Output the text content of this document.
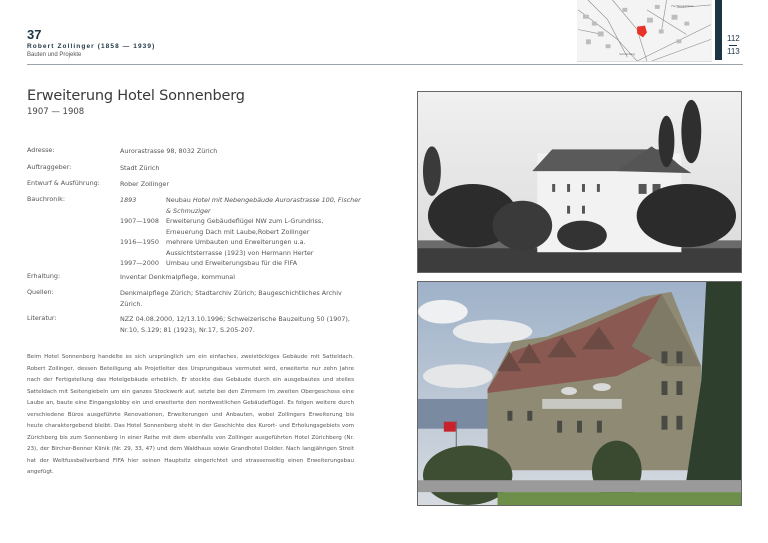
37
Robert Zollinger (1858 — 1939)
Bauten und Projekte
Forchbergstrasse
Sonnenberg
112
113
Erweiterung Hotel Sonnenberg
1907 — 1908
Adresse:	Aurorastrasse 98, 8032 Zürich
Auftraggeber:	Stadt Zürich
Entwurf & Ausführung:	Rober Zollinger
Bauchronik:	1893	Neubau Hotel mit Nebengebäude Aurorastrasse 100, Fischer & Schmuziger
1907—1908 Erweiterung Gebäudeflügel NW zum L-Grundriss, Erneuerung Dach mit Laube,Robert Zollinger
1916—1950 mehrere Umbauten und Erweiterungen u.a. Aussichtsterrasse (1923) von Hermann Herter
1997—2000 Umbau und Erweiterungsbau für die FIFA
Erhaltung:	Inventar Denkmalpflege, kommunal
Quellen:	Denkmalpflege Zürich; Stadtarchiv Zürich; Baugeschichtliches Archiv Zürich.
Literatur:	NZZ 04.08.2000, 12/13.10.1996; Schweizerische Bauzeitung 50 (1907), Nr.10, S.129; 81 (1923), Nr.17, S.205-207.

Beim Hotel Sonnenberg handelte es sich ursprünglich um ein einfaches, zweistöckiges Gebäude mit Satteldach. Robert Zollinger, dessen Beteiligung als Projetleiter des Ursprungsbaus vermutet wird, erweiterte nur zehn Jahre nach der Fertigstellung das Hotelgebäude erheblich. Er stockte das Gebäude durch ein ausgebautes und steiles Satteldach mit Seitengiebeln um ein ganzes Stockwerk auf, setzte bei den Zimmern im zweiten Obergeschoss eine Laube an, baute eine Eingangslobby ein und erweiterte den nordwestlichen Gebäudeflügel. Es folgen weitere durch verschiedene Büros ausgeführte Renovationen, Erweiterungen und Anbauten, wobei Zollingers Erweiterung bis heute charaktergebend bleibt. Das Hotel Sonnenberg steht in der Geschichte des Kurort- und Erholungsgebiets vom Zürichberg bis zum Sonnenberg in einer Reihe mit dem ebenfalls von Zollinger ausgeführten Hotel Zürichberg (Nr. 23), der Bircher-Benner Klinik (Nr. 29, 33, 47) und dem Waldhaus sowie Grandhotel Dolder. Nach langjährigen Streit hat der Weltfussballverband FIFA hier seinen Hauptsitz eingerichtet und strassenseitig einen Erweiterungsbau angefügt.
